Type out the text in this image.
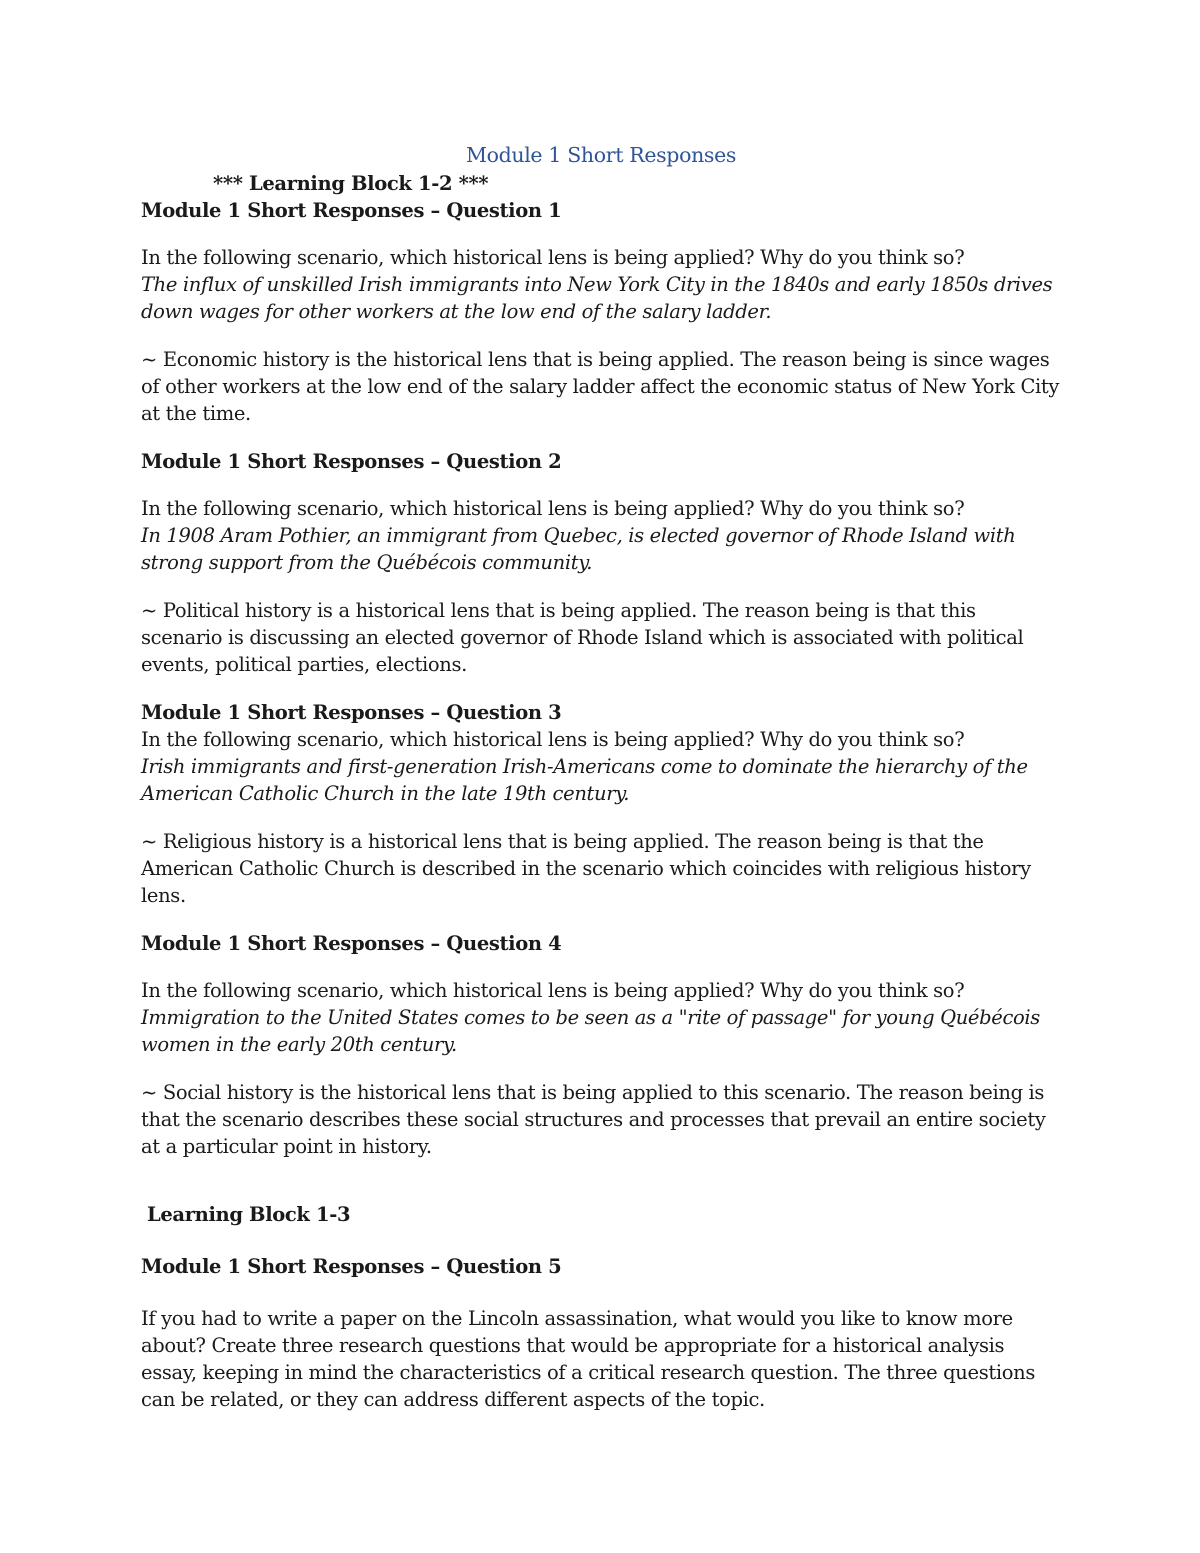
Module 1 Short Responses

*** Learning Block 1-2 ***

Module 1 Short Responses – Question 1

In the following scenario, which historical lens is being applied? Why do you think so?

The influx of unskilled Irish immigrants into New York City in the 1840s and early 1850s drives down wages for other workers at the low end of the salary ladder.

~ Economic history is the historical lens that is being applied. The reason being is since wages of other workers at the low end of the salary ladder affect the economic status of New York City at the time.

Module 1 Short Responses – Question 2

In the following scenario, which historical lens is being applied? Why do you think so?

In 1908 Aram Pothier, an immigrant from Quebec, is elected governor of Rhode Island with strong support from the Québécois community.

~ Political history is a historical lens that is being applied. The reason being is that this scenario is discussing an elected governor of Rhode Island which is associated with political events, political parties, elections.

Module 1 Short Responses – Question 3

In the following scenario, which historical lens is being applied? Why do you think so?

Irish immigrants and first-generation Irish-Americans come to dominate the hierarchy of the American Catholic Church in the late 19th century.

~ Religious history is a historical lens that is being applied. The reason being is that the American Catholic Church is described in the scenario which coincides with religious history lens.

Module 1 Short Responses – Question 4

In the following scenario, which historical lens is being applied? Why do you think so?

Immigration to the United States comes to be seen as a "rite of passage" for young Québécois women in the early 20th century.

~ Social history is the historical lens that is being applied to this scenario. The reason being is that the scenario describes these social structures and processes that prevail an entire society at a particular point in history.

Learning Block 1-3

Module 1 Short Responses – Question 5

If you had to write a paper on the Lincoln assassination, what would you like to know more about? Create three research questions that would be appropriate for a historical analysis essay, keeping in mind the characteristics of a critical research question. The three questions can be related, or they can address different aspects of the topic.
